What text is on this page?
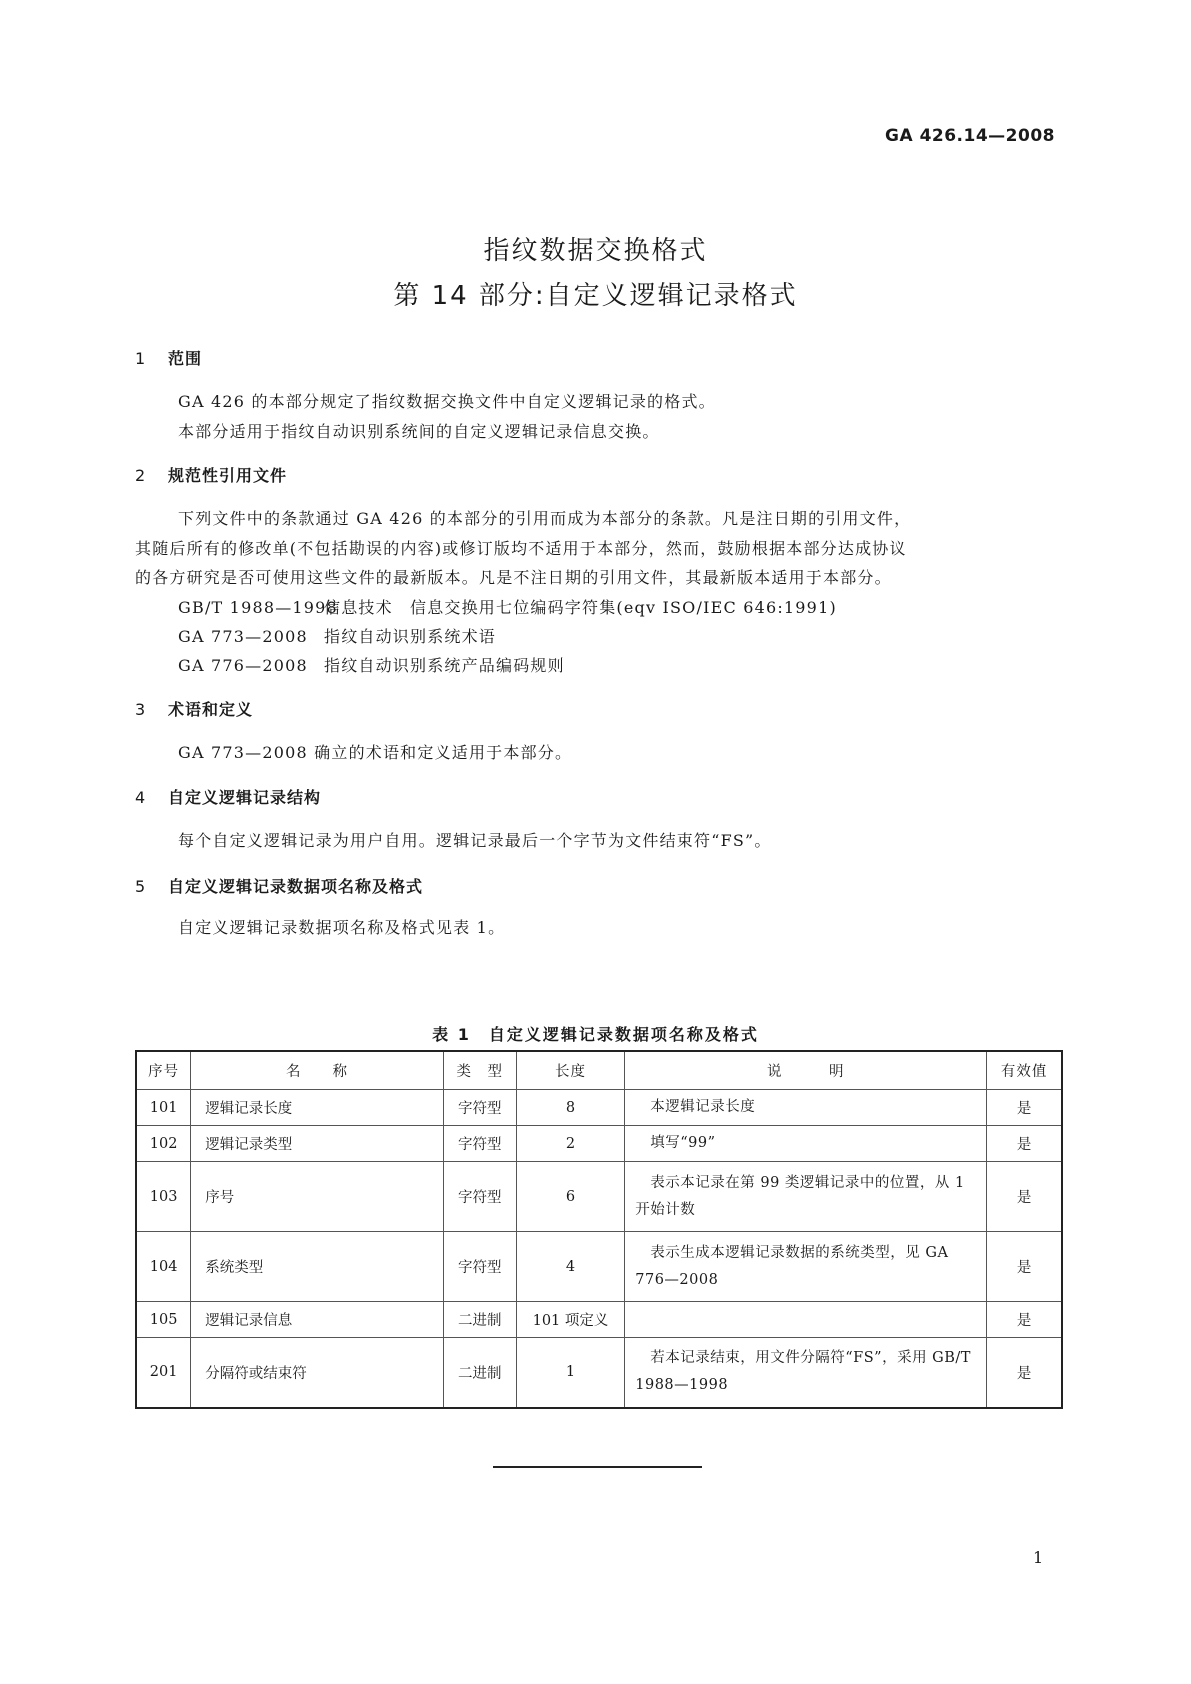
GA 426.14—2008
指纹数据交换格式
第 14 部分:自定义逻辑记录格式
1 范围
GA 426 的本部分规定了指纹数据交换文件中自定义逻辑记录的格式。
本部分适用于指纹自动识别系统间的自定义逻辑记录信息交换。
2 规范性引用文件
下列文件中的条款通过 GA 426 的本部分的引用而成为本部分的条款。凡是注日期的引用文件，
其随后所有的修改单(不包括勘误的内容)或修订版均不适用于本部分，然而，鼓励根据本部分达成协议
的各方研究是否可使用这些文件的最新版本。凡是不注日期的引用文件，其最新版本适用于本部分。
GB/T 1988—1998信息技术　信息交换用七位编码字符集(eqv ISO/IEC 646:1991)
GA 773—2008 指纹自动识别系统术语
GA 776—2008 指纹自动识别系统产品编码规则
3 术语和定义
GA 773—2008 确立的术语和定义适用于本部分。
4 自定义逻辑记录结构
每个自定义逻辑记录为用户自用。逻辑记录最后一个字节为文件结束符“FS”。
5 自定义逻辑记录数据项名称及格式
自定义逻辑记录数据项名称及格式见表 1。
表 1　自定义逻辑记录数据项名称及格式
序号	名　　称	类　型	长度	说　　　明	有效值
101	逻辑记录长度	字符型	8	　本逻辑记录长度	是
102	逻辑记录类型	字符型	2	　填写“99”	是
103	序号	字符型	6	　表示本记录在第 99 类逻辑记录中的位置，从 1 开始计数	是
104	系统类型	字符型	4	　表示生成本逻辑记录数据的系统类型，见 GA 776—2008	是
105	逻辑记录信息	二进制	101 项定义		是
201	分隔符或结束符	二进制	1	　若本记录结束，用文件分隔符“FS”，采用 GB/T 1988—1998	是
1
